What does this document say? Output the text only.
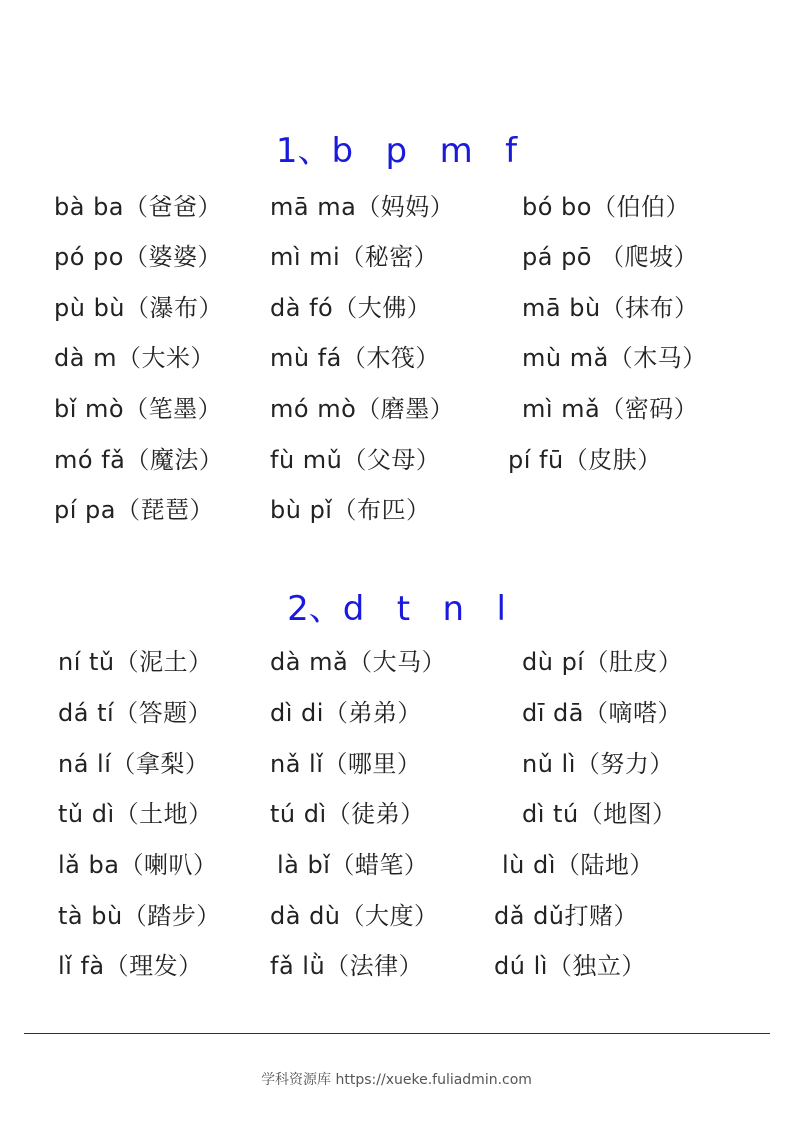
1、b   p   m   f
bà ba（爸爸） mā ma（妈妈）	bó bo（伯伯）
pó po（婆婆） mì mi（秘密）	pá pō （爬坡）
pù bù（瀑布） dà fó（大佛）	mā bù（抹布）
dà m（大米） mù fá（木筏）	mù mǎ（木马）
bǐ mò（笔墨） mó mò（磨墨）	mì mǎ（密码）
mó fǎ（魔法） fù mǔ（父母）	pí fū（皮肤）
pí pa（琵琶） bù pǐ（布匹）
2、d   t   n   l
ní tǔ（泥土） dà mǎ（大马）	dù pí（肚皮）
dá tí（答题） dì di（弟弟）	dī dā（嘀嗒）
ná lí（拿梨）	nǎ lǐ（哪里）	nǔ lì（努力）
tǔ dì（土地） tú dì（徒弟）	dì tú（地图）
lǎ ba（喇叭） là bǐ（蜡笔）	lù dì（陆地）
tà bù（踏步） dà dù（大度） dǎ dǔ打赌）
lǐ fà（理发）	fǎ lǜ（法律）	dú lì（独立）
学科资源库 https://xueke.fuliadmin.com
